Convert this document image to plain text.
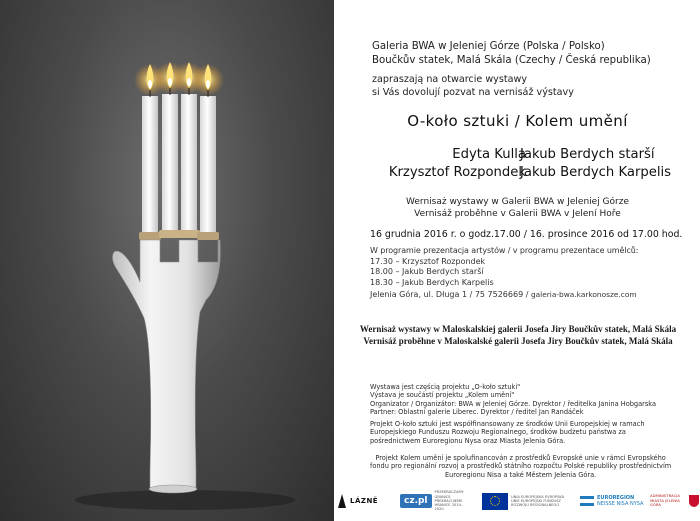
Galeria BWA w Jeleniej Górze (Polska / Polsko)
Boučkův statek, Malá Skála (Czechy / Česká republika)
zapraszają na otwarcie wystawy
si Vás dovolují pozvat na vernisáž výstavy
O-koło sztuki / Kolem umění
Edyta Kulla
Krzysztof Rozpondek
Jakub Berdych starší
Jakub Berdych Karpelis
Wernisaż wystawy w Galerii BWA w Jeleniej Górze
Vernisáž proběhne v Galerii BWA v Jelení Hoře
16 grudnia 2016 r. o godz.17.00 / 16. prosince 2016 od 17.00 hod.
W programie prezentacja artystów / v programu prezentace umělců:
17.30 – Krzysztof Rozpondek
18.00 – Jakub Berdych starší
18.30 – Jakub Berdych Karpelis
Jelenia Góra, ul. Długa 1 / 75 7526669 / galeria-bwa.karkonosze.com
Wernisaż wystawy w Maloskalskiej galerii Josefa Jiry Boučkův statek, Malá Skála
Vernisáž proběhne v Maloskalské galerii Josefa Jiry Boučkův statek, Malá Skála
Wystawa jest częścią projektu „O-koło sztuki"
Výstava je součástí projektu „Kolem umění"
Organizator / Organizátor: BWA w Jeleniej Górze. Dyrektor / ředitelka Janina Hobgarska
Partner: Oblastní galerie Liberec. Dyrektor / ředitel Jan Randáček
Projekt O-koło sztuki jest współfinansowany ze środków Unii Europejskiej w ramach
Europejskiego Funduszu Rozwoju Regionalnego, środków budżetu państwa za
pośrednictwem Euroregionu Nysa oraz Miasta Jelenia Góra.
Projekt Kolem umění je spolufinancován z prostředků Evropské unie v rámci Evropského
fondu pro regionální rozvoj a prostředků státního rozpočtu Polské republiky prostřednictvím
Euroregionu Nisa a také Městem Jelenia Góra.
LÁZNĚ	cz.pl
PRZEKRACZAMY GRANICE PŘEKRAČUJEME HRANICE 2014–2020
UNIA EUROPEJSKA EVROPSKÁ UNIE EUROPEJSKI FUNDUSZ ROZWOJU REGIONALNEGO
EUROREGION
NEISSE NISA NYSA
ADMINISTRACJA MIASTA JELENIA GÓRA
